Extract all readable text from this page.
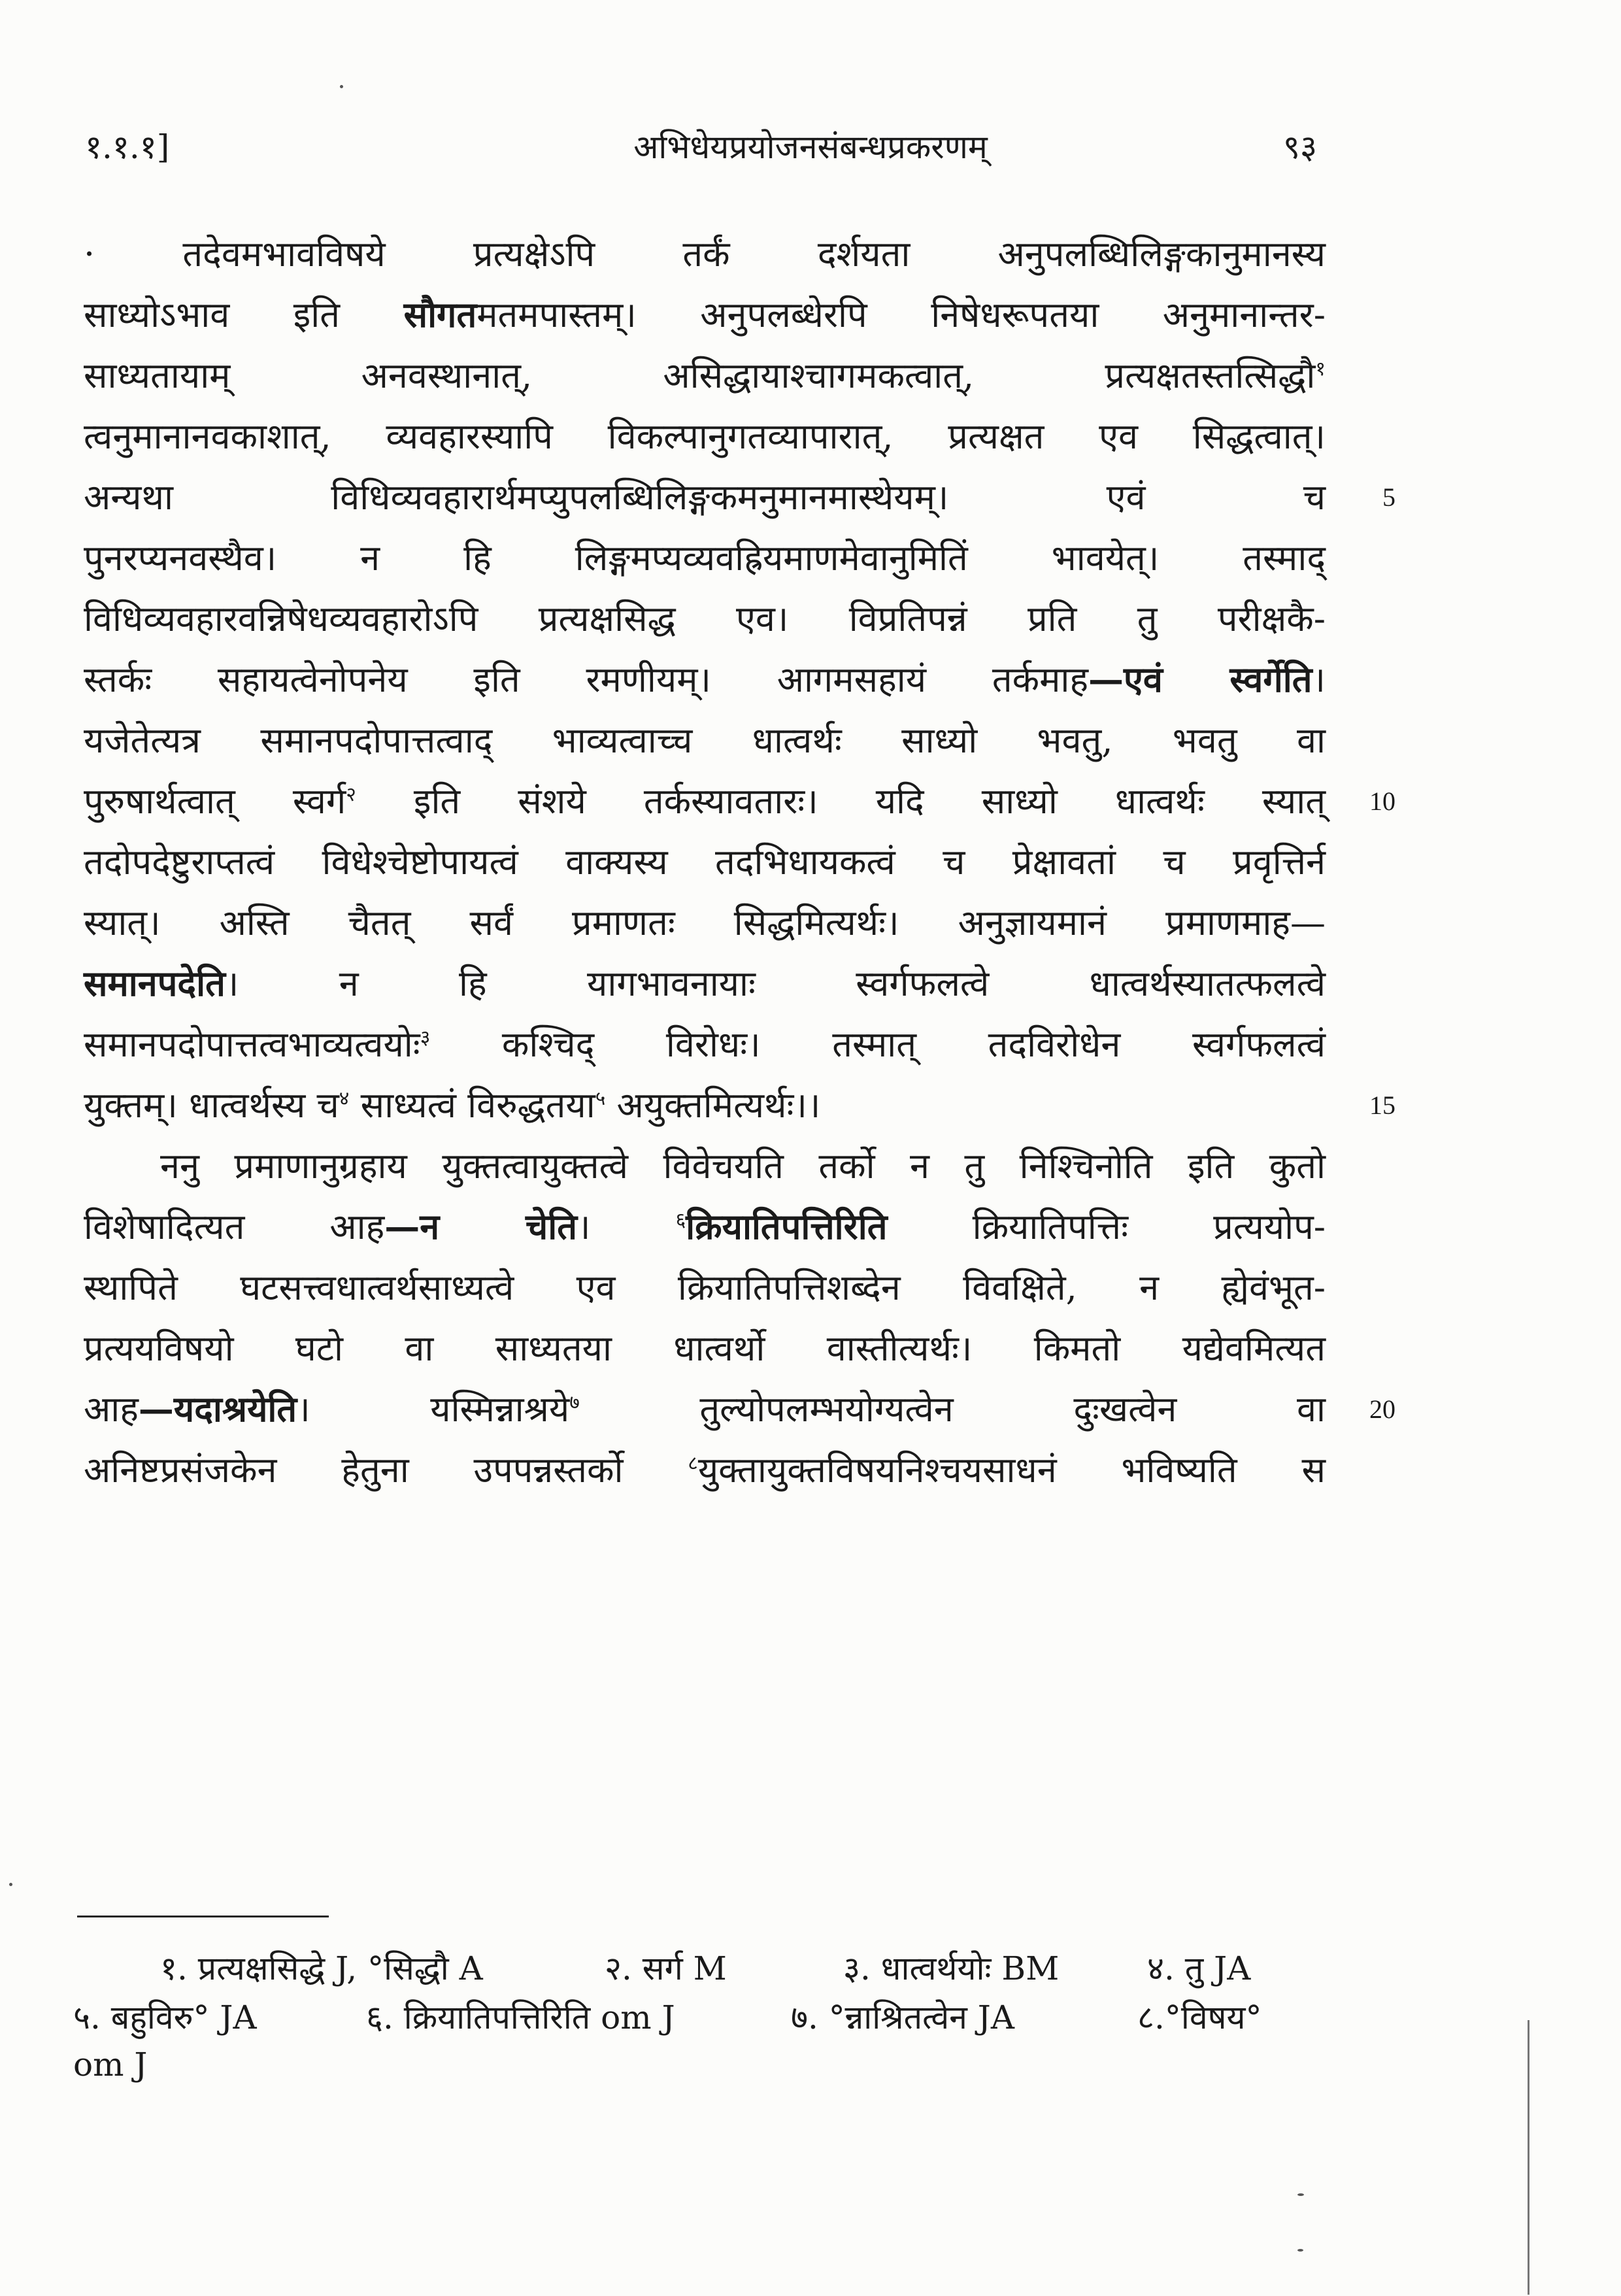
१.१.१]	अभिधेयप्रयोजनसंबन्धप्रकरणम्	९३
· तदेवमभावविषये प्रत्यक्षेऽपि तर्कं दर्शयता अनुपलब्धिलिङ्गकानुमानस्य
साध्योऽभाव इति सौगतमतमपास्तम्। अनुपलब्धेरपि निषेधरूपतया अनुमानान्तर-
साध्यतायाम् अनवस्थानात्, असिद्धायाश्चागमकत्वात्, प्रत्यक्षतस्तत्सिद्धौ$^१$
त्वनुमानानवकाशात्, व्यवहारस्यापि विकल्पानुगतव्यापारात्, प्रत्यक्षत एव सिद्धत्वात्।
अन्यथा विधिव्यवहारार्थमप्युपलब्धिलिङ्गकमनुमानमास्थेयम्। एवं च
पुनरप्यनवस्थैव। न हि लिङ्गमप्यव्यवह्रियमाणमेवानुमितिं भावयेत्। तस्माद्
विधिव्यवहारवन्निषेधव्यवहारोऽपि प्रत्यक्षसिद्ध एव। विप्रतिपन्नं प्रति तु परीक्षकै-
स्तर्कः सहायत्वेनोपनेय इति रमणीयम्। आगमसहायं तर्कमाह—एवं स्वर्गेति।
यजेतेत्यत्र समानपदोपात्तत्वाद् भाव्यत्वाच्च धात्वर्थः साध्यो भवतु, भवतु वा
पुरुषार्थत्वात् स्वर्ग$^२$ इति संशये तर्कस्यावतारः। यदि साध्यो धात्वर्थः स्यात्
तदोपदेष्टुराप्तत्वं विधेश्चेष्टोपायत्वं वाक्यस्य तदभिधायकत्वं च प्रेक्षावतां च प्रवृत्तिर्न
स्यात्। अस्ति चैतत् सर्वं प्रमाणतः सिद्धमित्यर्थः। अनुज्ञायमानं प्रमाणमाह—
समानपदेति। न हि यागभावनायाः स्वर्गफलत्वे धात्वर्थस्यातत्फलत्वे
समानपदोपात्तत्वभाव्यत्वयोः$^३$ कश्चिद् विरोधः। तस्मात् तदविरोधेन स्वर्गफलत्वं
युक्तम्। धात्वर्थस्य च$^४$ साध्यत्वं विरुद्धतया$^५$ अयुक्तमित्यर्थः।।
ननु प्रमाणानुग्रहाय युक्तत्वायुक्तत्वे विवेचयति तर्को न तु निश्चिनोति इति कुतो
विशेषादित्यत आह—न चेति। $^६$क्रियातिपत्तिरिति क्रियातिपत्तिः प्रत्ययोप-
स्थापिते घटसत्त्वधात्वर्थसाध्यत्वे एव क्रियातिपत्तिशब्देन विवक्षिते, न ह्येवंभूत-
प्रत्ययविषयो घटो वा साध्यतया धात्वर्थो वास्तीत्यर्थः। किमतो यद्येवमित्यत
आह—यदाश्रयेति। यस्मिन्नाश्रये$^७$ तुल्योपलम्भयोग्यत्वेन दुःखत्वेन वा
अनिष्टप्रसंजकेन हेतुना उपपन्नस्तर्को $^८$युक्तायुक्तविषयनिश्चयसाधनं भविष्यति स
5
10
15
20
१. प्रत्यक्षसिद्धे J, °सिद्धौ A	२. सर्ग M	३. धात्वर्थयोः BM	४. तु JA
५. बहुविरु° JA	६. क्रियातिपत्तिरिति om J	७. °न्नाश्रितत्वेन JA	८.°विषय°
om J
